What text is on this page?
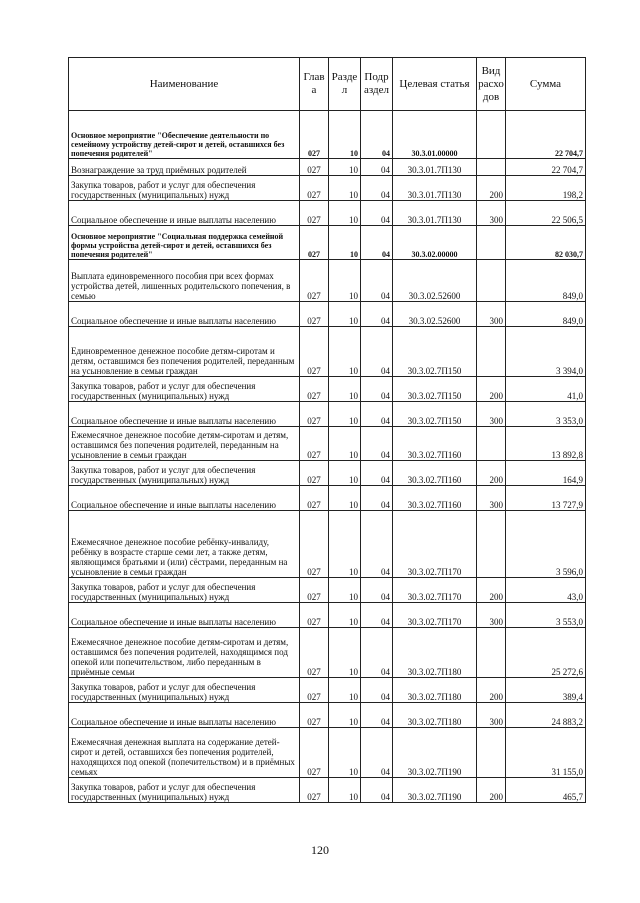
Наименование	Глав а	Разде л	Подр аздел	Целевая статья	Вид расхо дов	Сумма
Основное мероприятие "Обеспечение деятельности по семейному устройству детей-сирот и детей, оставшихся без попечения родителей"	027	10	04	30.3.01.00000		22 704,7
Вознаграждение за труд приёмных родителей	027	10	04	30.3.01.7П130		22 704,7
Закупка товаров, работ и услуг для обеспечения государственных (муниципальных) нужд	027	10	04	30.3.01.7П130	200	198,2
Социальное обеспечение и иные выплаты населению	027	10	04	30.3.01.7П130	300	22 506,5
Основное мероприятие "Социальная поддержка семейной формы устройства детей-сирот и детей, оставшихся без попечения родителей"	027	10	04	30.3.02.00000		82 030,7
Выплата единовременного пособия при всех формах устройства детей, лишенных родительского попечения, в семью	027	10	04	30.3.02.52600		849,0
Социальное обеспечение и иные выплаты населению	027	10	04	30.3.02.52600	300	849,0
Единовременное денежное пособие детям-сиротам и детям, оставшимся без попечения родителей, переданным на усыновление в семьи граждан	027	10	04	30.3.02.7П150		3 394,0
Закупка товаров, работ и услуг для обеспечения государственных (муниципальных) нужд	027	10	04	30.3.02.7П150	200	41,0
Социальное обеспечение и иные выплаты населению	027	10	04	30.3.02.7П150	300	3 353,0
Ежемесячное денежное пособие детям-сиротам и детям, оставшимся без попечения родителей, переданным на усыновление в семьи граждан	027	10	04	30.3.02.7П160		13 892,8
Закупка товаров, работ и услуг для обеспечения государственных (муниципальных) нужд	027	10	04	30.3.02.7П160	200	164,9
Социальное обеспечение и иные выплаты населению	027	10	04	30.3.02.7П160	300	13 727,9
Ежемесячное денежное пособие ребёнку-инвалиду, ребёнку в возрасте старше семи лет, а также детям, являющимся братьями и (или) сёстрами, переданным на усыновление в семьи граждан	027	10	04	30.3.02.7П170		3 596,0
Закупка товаров, работ и услуг для обеспечения государственных (муниципальных) нужд	027	10	04	30.3.02.7П170	200	43,0
Социальное обеспечение и иные выплаты населению	027	10	04	30.3.02.7П170	300	3 553,0
Ежемесячное денежное пособие детям-сиротам и детям, оставшимся без попечения родителей, находящимся под опекой или попечительством, либо переданным в приёмные семьи	027	10	04	30.3.02.7П180		25 272,6
Закупка товаров, работ и услуг для обеспечения государственных (муниципальных) нужд	027	10	04	30.3.02.7П180	200	389,4
Социальное обеспечение и иные выплаты населению	027	10	04	30.3.02.7П180	300	24 883,2
Ежемесячная денежная выплата на содержание детей-сирот и детей, оставшихся без попечения родителей, находящихся под опекой (попечительством) и в приёмных семьях	027	10	04	30.3.02.7П190		31 155,0
Закупка товаров, работ и услуг для обеспечения государственных (муниципальных) нужд	027	10	04	30.3.02.7П190	200	465,7
120
